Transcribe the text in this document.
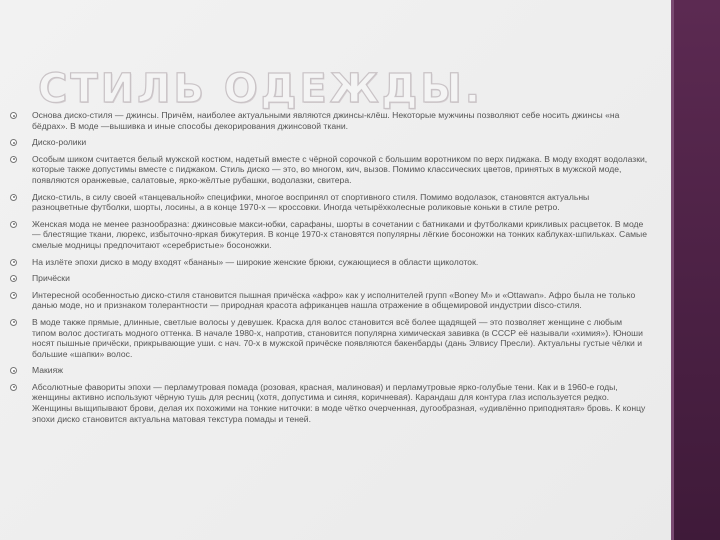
СТИЛЬ ОДЕЖДЫ.
Основа диско-стиля — джинсы. Причём, наиболее актуальными являются джинсы-клёш. Некоторые мужчины позволяют себе носить джинсы «на бёдрах». В моде —вышивка и иные способы декорирования джинсовой ткани.
Диско-ролики
Особым шиком считается белый мужской костюм, надетый вместе с чёрной сорочкой с большим воротником по верх пиджака. В моду входят водолазки, которые также допустимы вместе с пиджаком. Стиль диско — это, во многом, кич, вызов. Помимо классических цветов, принятых в мужской моде, появляются оранжевые, салатовые, ярко-жёлтые рубашки, водолазки, свитера.
Диско-стиль, в силу своей «танцевальной» специфики, многое воспринял от спортивного стиля. Помимо водолазок, становятся актуальны разноцветные футболки, шорты, лосины, а в конце 1970-х — кроссовки. Иногда четырёхколесные роликовые коньки в стиле ретро.
Женская мода не менее разнообразна: джинсовые макси-юбки, сарафаны, шорты в сочетании с батниками и футболками крикливых расцветок. В моде — блестящие ткани, люрекс, избыточно-яркая бижутерия. В конце 1970-х становятся популярны лёгкие босоножки на тонких каблуках-шпильках. Самые смелые модницы предпочитают «серебристые» босоножки.
На излёте эпохи диско в моду входят «бананы» — широкие женские брюки, сужающиеся в области щиколоток.
Причёски
Интересной особенностью диско-стиля становится пышная причёска «афро» как у исполнителей групп «Boney M» и «Ottawan». Афро была не только данью моде, но и признаком толерантности — природная красота африканцев нашла отражение в общемировой индустрии disco-стиля.
В моде также прямые, длинные, светлые волосы у девушек. Краска для волос становится всё более щадящей — это позволяет женщине с любым типом волос достигать модного оттенка. В начале 1980-х, напротив, становится популярна химическая завивка (в СССР её называли «химия»). Юноши носят пышные причёски, прикрывающие уши. с нач. 70-х в мужской причёске появляются бакенбарды (дань Элвису Пресли). Актуальны густые чёлки и большие «шапки» волос.
Макияж
Абсолютные фавориты эпохи — перламутровая помада (розовая, красная, малиновая) и перламутровые ярко-голубые тени. Как и в 1960-е годы, женщины активно используют чёрную тушь для ресниц (хотя, допустима и синяя, коричневая). Карандаш для контура глаз используется редко. Женщины выщипывают брови, делая их похожими на тонкие ниточки: в моде чётко очерченная, дугообразная, «удивлённо приподнятая» бровь. К концу эпохи диско становится актуальна матовая текстура помады и теней.
